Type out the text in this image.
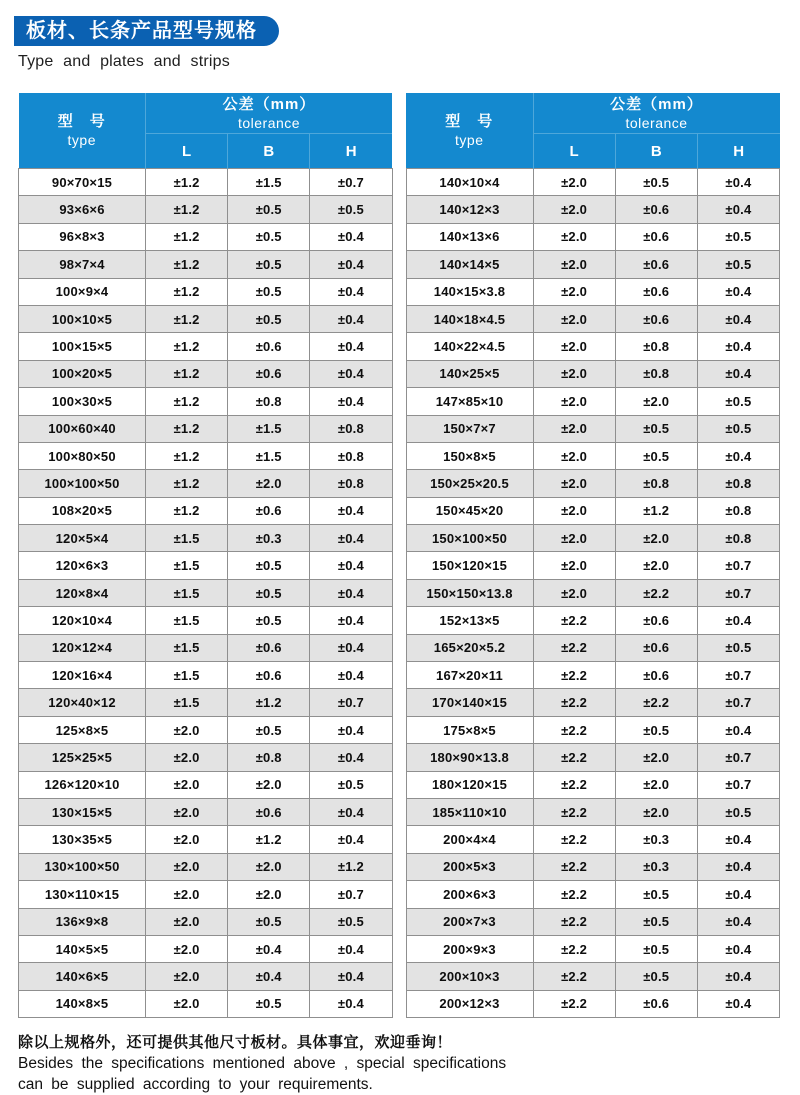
板材、长条产品型号规格
Type and plates and strips
型　号
type

公差（mm）
tolerance

	L	B	H
90×70×15	±1.2	±1.5	±0.7
93×6×6	±1.2	±0.5	±0.5
96×8×3	±1.2	±0.5	±0.4
98×7×4	±1.2	±0.5	±0.4
100×9×4	±1.2	±0.5	±0.4
100×10×5	±1.2	±0.5	±0.4
100×15×5	±1.2	±0.6	±0.4
100×20×5	±1.2	±0.6	±0.4
100×30×5	±1.2	±0.8	±0.4
100×60×40	±1.2	±1.5	±0.8
100×80×50	±1.2	±1.5	±0.8
100×100×50	±1.2	±2.0	±0.8
108×20×5	±1.2	±0.6	±0.4
120×5×4	±1.5	±0.3	±0.4
120×6×3	±1.5	±0.5	±0.4
120×8×4	±1.5	±0.5	±0.4
120×10×4	±1.5	±0.5	±0.4
120×12×4	±1.5	±0.6	±0.4
120×16×4	±1.5	±0.6	±0.4
120×40×12	±1.5	±1.2	±0.7
125×8×5	±2.0	±0.5	±0.4
125×25×5	±2.0	±0.8	±0.4
126×120×10	±2.0	±2.0	±0.5
130×15×5	±2.0	±0.6	±0.4
130×35×5	±2.0	±1.2	±0.4
130×100×50	±2.0	±2.0	±1.2
130×110×15	±2.0	±2.0	±0.7
136×9×8	±2.0	±0.5	±0.5
140×5×5	±2.0	±0.4	±0.4
140×6×5	±2.0	±0.4	±0.4
140×8×5	±2.0	±0.5	±0.4
型　号
type

公差（mm）
tolerance

	L	B	H
140×10×4	±2.0	±0.5	±0.4
140×12×3	±2.0	±0.6	±0.4
140×13×6	±2.0	±0.6	±0.5
140×14×5	±2.0	±0.6	±0.5
140×15×3.8	±2.0	±0.6	±0.4
140×18×4.5	±2.0	±0.6	±0.4
140×22×4.5	±2.0	±0.8	±0.4
140×25×5	±2.0	±0.8	±0.4
147×85×10	±2.0	±2.0	±0.5
150×7×7	±2.0	±0.5	±0.5
150×8×5	±2.0	±0.5	±0.4
150×25×20.5	±2.0	±0.8	±0.8
150×45×20	±2.0	±1.2	±0.8
150×100×50	±2.0	±2.0	±0.8
150×120×15	±2.0	±2.0	±0.7
150×150×13.8	±2.0	±2.2	±0.7
152×13×5	±2.2	±0.6	±0.4
165×20×5.2	±2.2	±0.6	±0.5
167×20×11	±2.2	±0.6	±0.7
170×140×15	±2.2	±2.2	±0.7
175×8×5	±2.2	±0.5	±0.4
180×90×13.8	±2.2	±2.0	±0.7
180×120×15	±2.2	±2.0	±0.7
185×110×10	±2.2	±2.0	±0.5
200×4×4	±2.2	±0.3	±0.4
200×5×3	±2.2	±0.3	±0.4
200×6×3	±2.2	±0.5	±0.4
200×7×3	±2.2	±0.5	±0.4
200×9×3	±2.2	±0.5	±0.4
200×10×3	±2.2	±0.5	±0.4
200×12×3	±2.2	±0.6	±0.4
除以上规格外，还可提供其他尺寸板材。具体事宜，欢迎垂询！
Besides the specifications mentioned above , special specifications
can be supplied according to your requirements.
